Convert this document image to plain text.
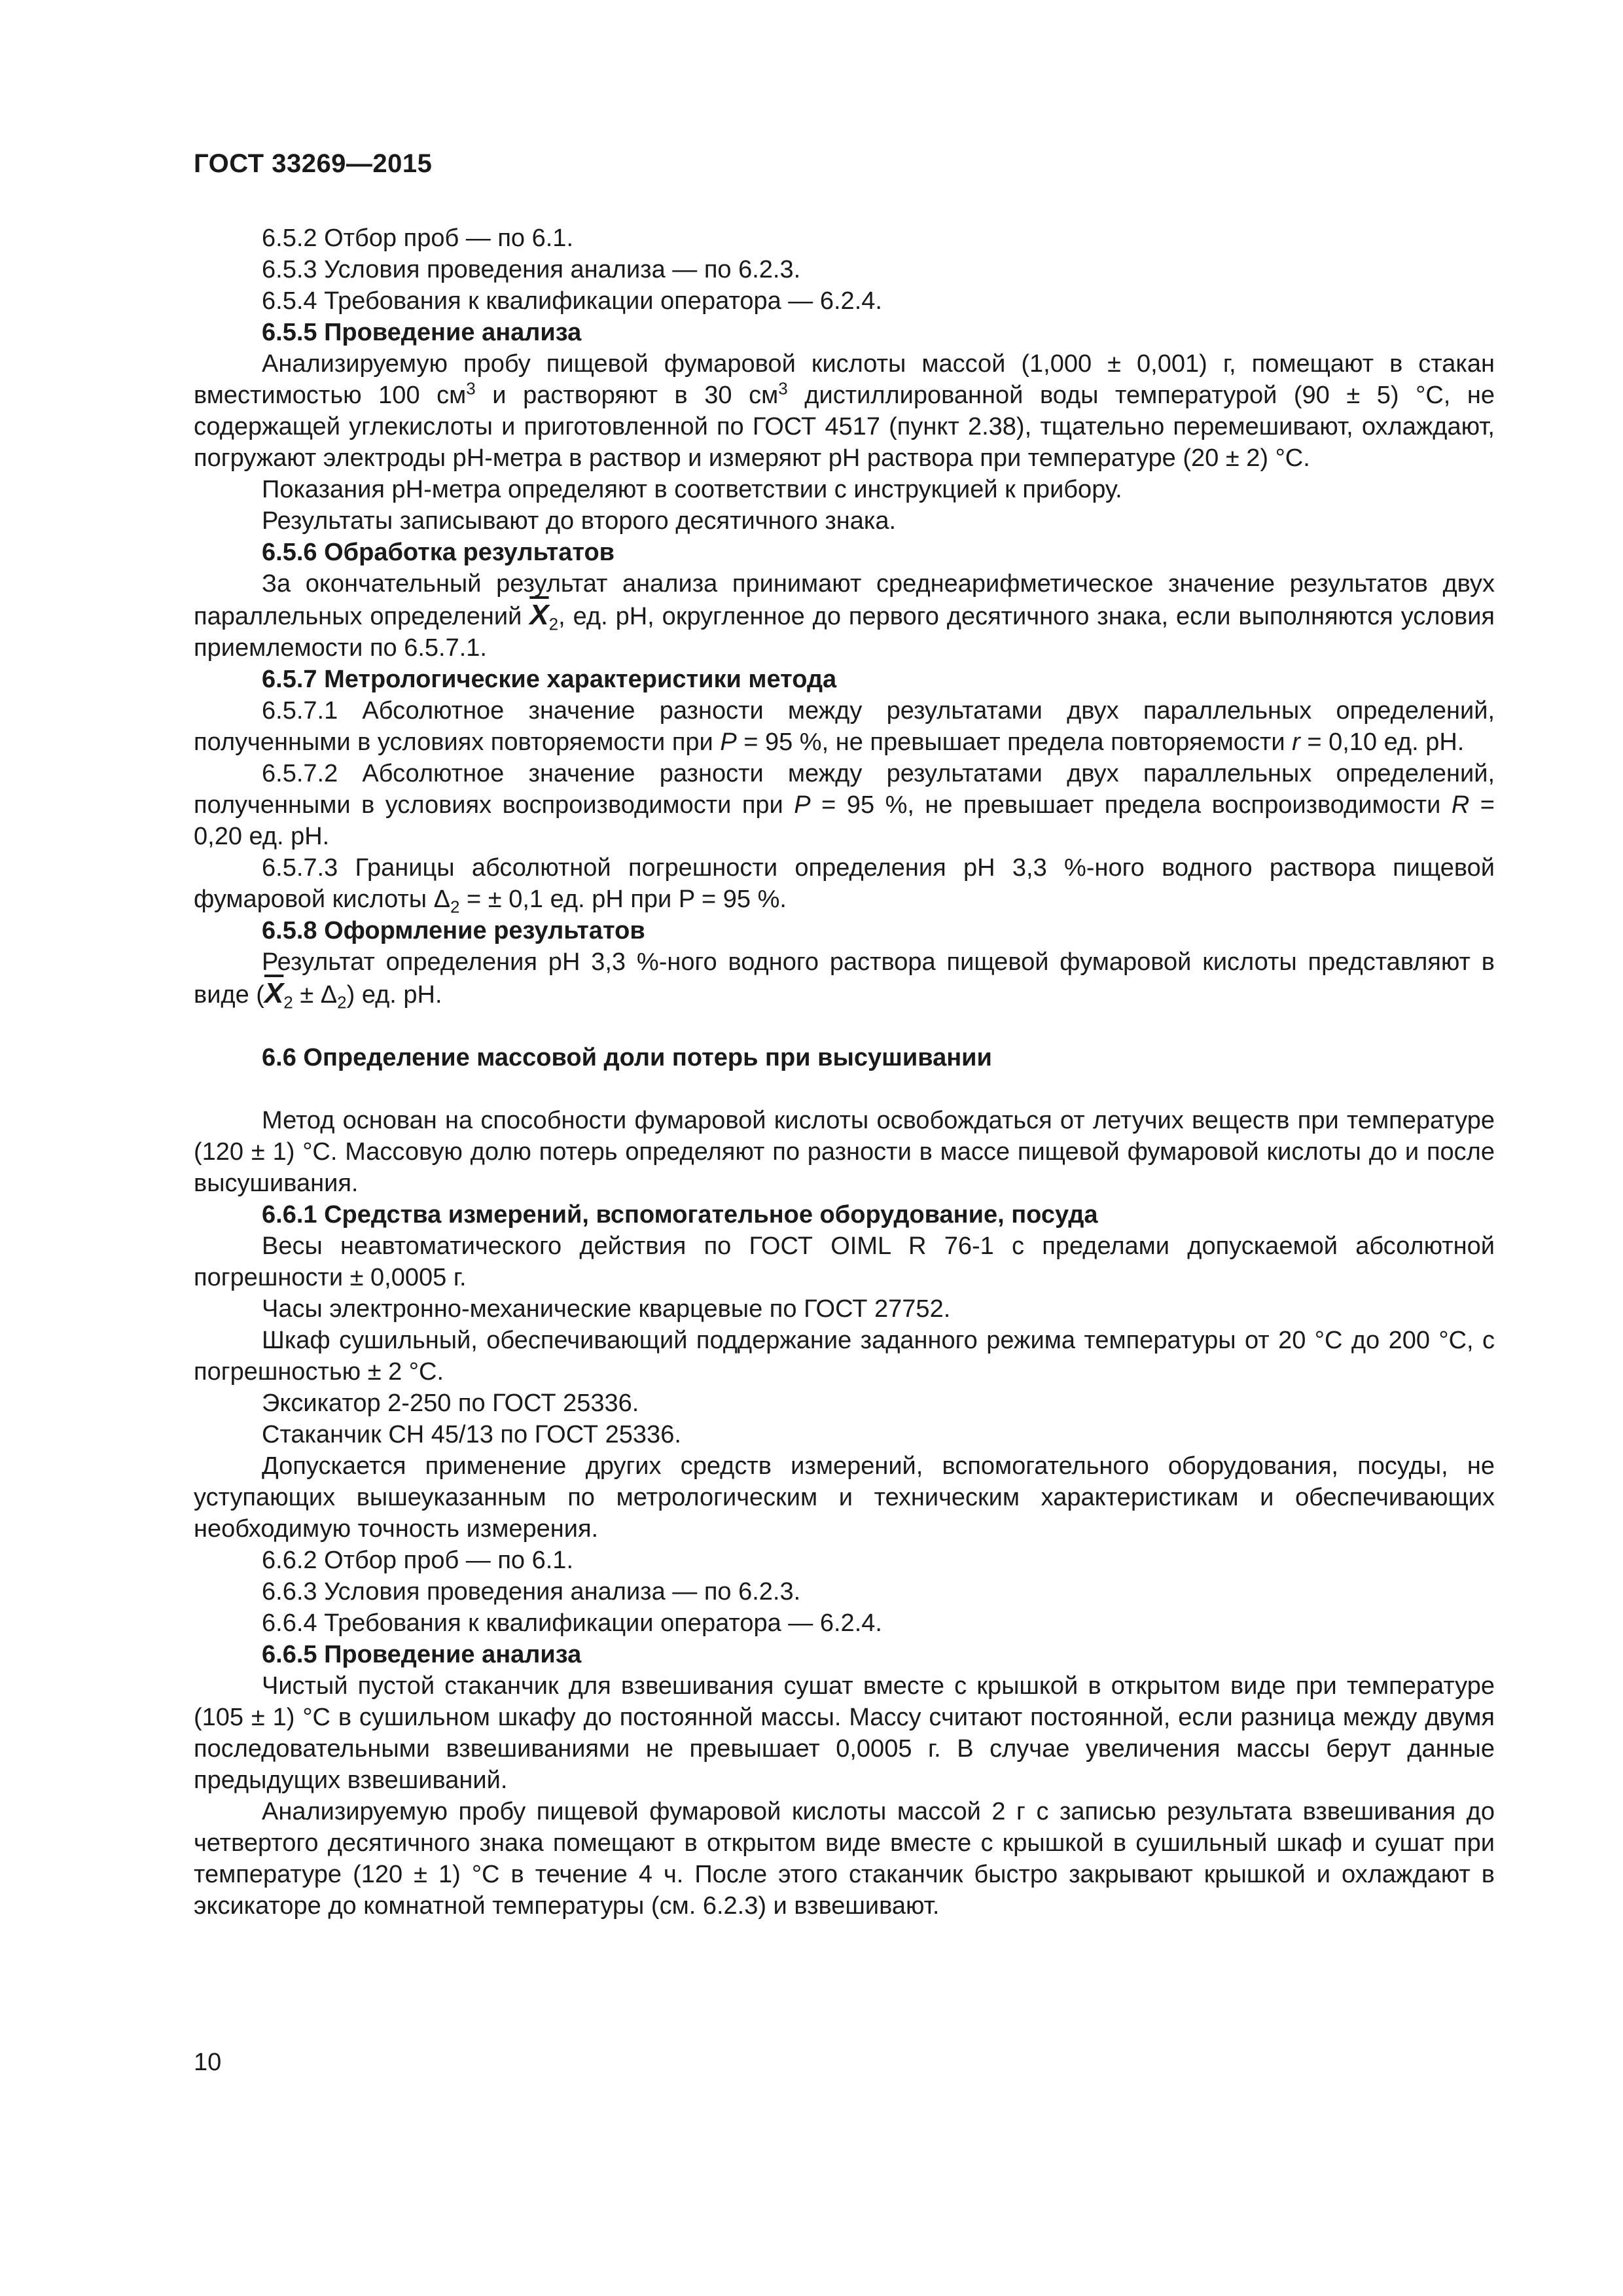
ГОСТ 33269—2015

6.5.2 Отбор проб — по 6.1.

6.5.3 Условия проведения анализа — по 6.2.3.

6.5.4 Требования к квалификации оператора — 6.2.4.

6.5.5 Проведение анализа

Анализируемую пробу пищевой фумаровой кислоты массой (1,000 ± 0,001) г, помещают в стакан вместимостью 100 $см^3$ и растворяют в 30 $см^3$ дистиллированной воды температурой (90 ± 5) °С, не содержащей углекислоты и приготовленной по ГОСТ 4517 (пункт 2.38), тщательно перемешивают, охлаждают, погружают электроды pH-метра в раствор и измеряют pH раствора при температуре (20 ± 2) °С.

Показания pH-метра определяют в соответствии с инструкцией к прибору.

Результаты записывают до второго десятичного знака.

6.5.6 Обработка результатов

За окончательный результат анализа принимают среднеарифметическое значение результатов двух параллельных определений $\overline{X}_2$, ед. pH, округленное до первого десятичного знака, если выполняются условия приемлемости по 6.5.7.1.

6.5.7 Метрологические характеристики метода

6.5.7.1 Абсолютное значение разности между результатами двух параллельных определений, полученными в условиях повторяемости при P = 95 %, не превышает предела повторяемости r = 0,10 ед. pH.

6.5.7.2 Абсолютное значение разности между результатами двух параллельных определений, полученными в условиях воспроизводимости при P = 95 %, не превышает предела воспроизводимости R = 0,20 ед. pH.

6.5.7.3 Границы абсолютной погрешности определения pH 3,3 %-ного водного раствора пищевой фумаровой кислоты $\Delta_2$ = ± 0,1 ед. pH при P = 95 %.

6.5.8 Оформление результатов

Результат определения pH 3,3 %-ного водного раствора пищевой фумаровой кислоты представляют в виде $(\overline{X}_2 \pm \Delta_2)$ ед. pH.

6.6 Определение массовой доли потерь при высушивании

Метод основан на способности фумаровой кислоты освобождаться от летучих веществ при температуре (120 ± 1) °С. Массовую долю потерь определяют по разности в массе пищевой фумаровой кислоты до и после высушивания.

6.6.1 Средства измерений, вспомогательное оборудование, посуда

Весы неавтоматического действия по ГОСТ OIML R 76-1 с пределами допускаемой абсолютной погрешности ± 0,0005 г.

Часы электронно-механические кварцевые по ГОСТ 27752.

Шкаф сушильный, обеспечивающий поддержание заданного режима температуры от 20 °С до 200 °С, с погрешностью ± 2 °С.

Эксикатор 2-250 по ГОСТ 25336.

Стаканчик СН 45/13 по ГОСТ 25336.

Допускается применение других средств измерений, вспомогательного оборудования, посуды, не уступающих вышеуказанным по метрологическим и техническим характеристикам и обеспечивающих необходимую точность измерения.

6.6.2 Отбор проб — по 6.1.

6.6.3 Условия проведения анализа — по 6.2.3.

6.6.4 Требования к квалификации оператора — 6.2.4.

6.6.5 Проведение анализа

Чистый пустой стаканчик для взвешивания сушат вместе с крышкой в открытом виде при температуре (105 ± 1) °С в сушильном шкафу до постоянной массы. Массу считают постоянной, если разница между двумя последовательными взвешиваниями не превышает 0,0005 г. В случае увеличения массы берут данные предыдущих взвешиваний.

Анализируемую пробу пищевой фумаровой кислоты массой 2 г с записью результата взвешивания до четвертого десятичного знака помещают в открытом виде вместе с крышкой в сушильный шкаф и сушат при температуре (120 ± 1) °С в течение 4 ч. После этого стаканчик быстро закрывают крышкой и охлаждают в эксикаторе до комнатной температуры (см. 6.2.3) и взвешивают.

10
